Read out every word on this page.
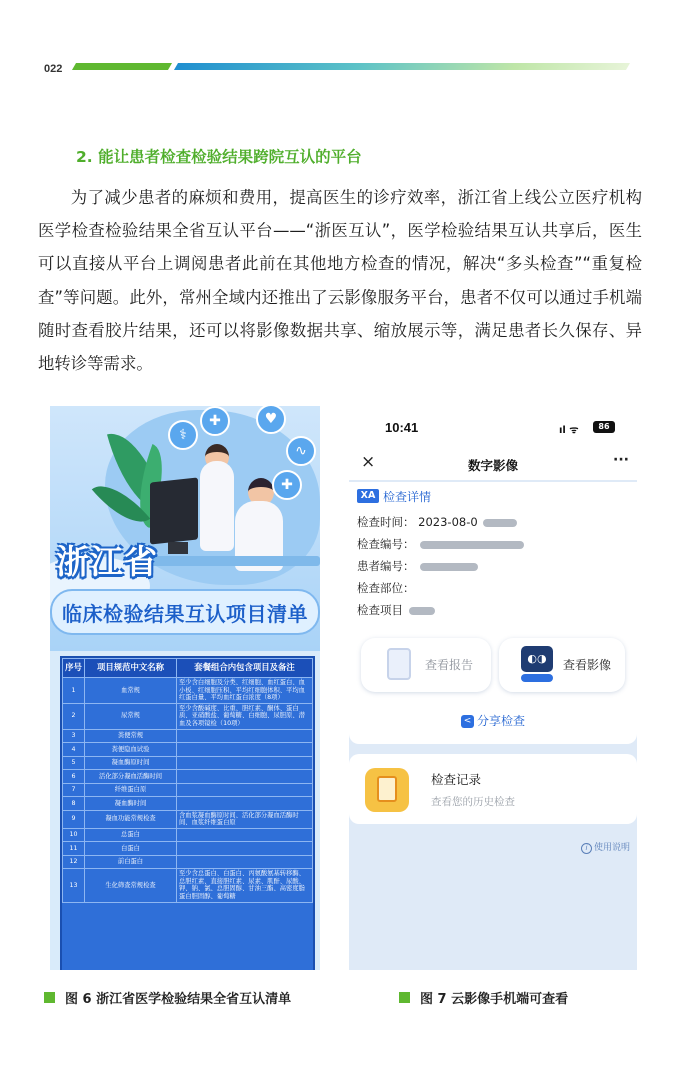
022
2. 能让患者检查检验结果跨院互认的平台
为了减少患者的麻烦和费用，提高医生的诊疗效率，浙江省上线公立医疗机构医学检查检验结果全省互认平台——“浙医互认”，医学检验结果互认共享后，医生可以直接从平台上调阅患者此前在其他地方检查的情况，解决“多头检查”“重复检查”等问题。此外，常州全域内还推出了云影像服务平台，患者不仅可以通过手机端随时查看胶片结果，还可以将影像数据共享、缩放展示等，满足患者长久保存、异地转诊等需求。
⚕
✚	♥
∿
✚
浙江省
临床检验结果互认项目清单
序号	项目规范中文名称	套餐组合内包含项目及备注
1	血常规	至少含白细胞及分类、红细胞、血红蛋白、血小板、红细胞压积、平均红细胞体积、平均血红蛋白量、平均血红蛋白浓度（8项）
2	尿常规	至少含酸碱度、比重、胆红素、酮体、蛋白质、亚硝酸盐、葡萄糖、白细胞、尿胆原、潜血及各项镜检（10项）
3	粪便常规	
4	粪便隐血试验	
5	凝血酶原时间	
6	活化部分凝血活酶时间	
7	纤维蛋白原	
8	凝血酶时间	
9	凝血功能常规检查	含血浆凝血酶原时间、活化部分凝血活酶时间、血浆纤维蛋白原
10	总蛋白	
11	白蛋白	
12	前白蛋白	
13	生化筛查常规检查	至少含总蛋白、白蛋白、丙氨酸氨基转移酶、总胆红素、直接胆红素、尿素、肌酐、尿酸、钾、钠、氯、总胆固醇、甘油三酯、高密度脂蛋白胆固醇、葡萄糖
10:41	ıl ᯤ	86
×	数字影像	···
XA 检查详情
检查时间： 2023-08-0
检查编号：
患者编号：
检查部位：
检查项目
查看报告	◐◑	查看影像
< 分享检查
检查记录
查看您的历史检查
i 使用说明
图 6 浙江省医学检验结果全省互认清单	图 7 云影像手机端可查看
